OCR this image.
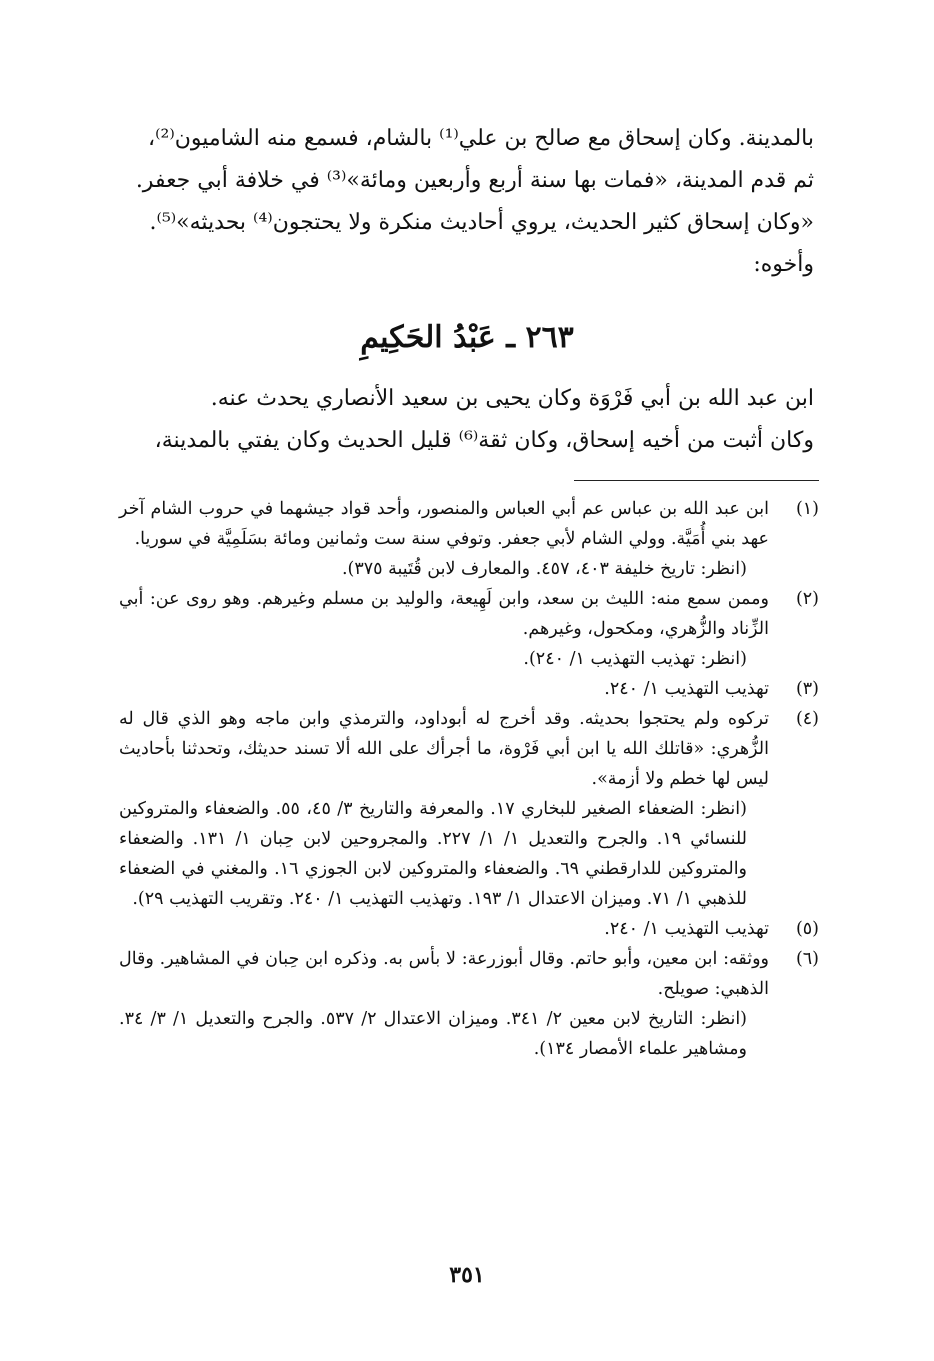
بالمدينة. وكان إسحاق مع صالح بن علي⁽¹⁾ بالشام، فسمع منه الشاميون⁽²⁾،

ثم قدم المدينة، «فمات بها سنة أربع وأربعين ومائة»⁽³⁾ في خلافة أبي جعفر.

«وكان إسحاق كثير الحديث، يروي أحاديث منكرة ولا يحتجون⁽⁴⁾ بحديثه»⁽⁵⁾.

وأخوه:

٢٦٣ ـ عَبْدُ الحَكِيمِ

ابن عبد الله بن أبي فَرْوَة وكان يحيى بن سعيد الأنصاري يحدث عنه.

وكان أثبت من أخيه إسحاق، وكان ثقة⁽⁶⁾ قليل الحديث وكان يفتي بالمدينة،

(١)

ابن عبد الله بن عباس عم أبي العباس والمنصور، وأحد قواد جيشهما في حروب الشام آخر عهد بني أُمَيَّة. وولي الشام لأبي جعفر. وتوفي سنة ست وثمانين ومائة بسَلَمِيَّة في سوريا.

(انظر: تاريخ خليفة ٤٠٣، ٤٥٧. والمعارف لابن قُتَيبة ٣٧٥).

(٢)

وممن سمع منه: الليث بن سعد، وابن لَهِيعة، والوليد بن مسلم وغيرهم. وهو روى عن: أبي الزِّناد والزُّهري، ومكحول، وغيرهم.

(انظر: تهذيب التهذيب ١/ ٢٤٠).

(٣)

تهذيب التهذيب ١/ ٢٤٠.

(٤)

تركوه ولم يحتجوا بحديثه. وقد أخرج له أبوداود، والترمذي وابن ماجه وهو الذي قال له الزُّهري: «قاتلك الله يا ابن أبي فَرْوة، ما أجرأك على الله ألا تسند حديثك، وتحدثنا بأحاديث ليس لها خطم ولا أزمة».

(انظر: الضعفاء الصغير للبخاري ١٧. والمعرفة والتاريخ ٣/ ٤٥، ٥٥. والضعفاء والمتروكين للنسائي ١٩. والجرح والتعديل ١/ ١/ ٢٢٧. والمجروحين لابن حِبان ١/ ١٣١. والضعفاء والمتروكين للدارقطني ٦٩. والضعفاء والمتروكين لابن الجوزي ١٦. والمغني في الضعفاء للذهبي ١/ ٧١. وميزان الاعتدال ١/ ١٩٣. وتهذيب التهذيب ١/ ٢٤٠. وتقريب التهذيب ٢٩).

(٥)

تهذيب التهذيب ١/ ٢٤٠.

(٦)

ووثقه: ابن معين، وأبو حاتم. وقال أبوزرعة: لا بأس به. وذكره ابن حِبان في المشاهير. وقال الذهبي: صويلح.

(انظر: التاريخ لابن معين ٢/ ٣٤١. وميزان الاعتدال ٢/ ٥٣٧. والجرح والتعديل ١/ ٣/ ٣٤. ومشاهير علماء الأمصار ١٣٤).

٣٥١
